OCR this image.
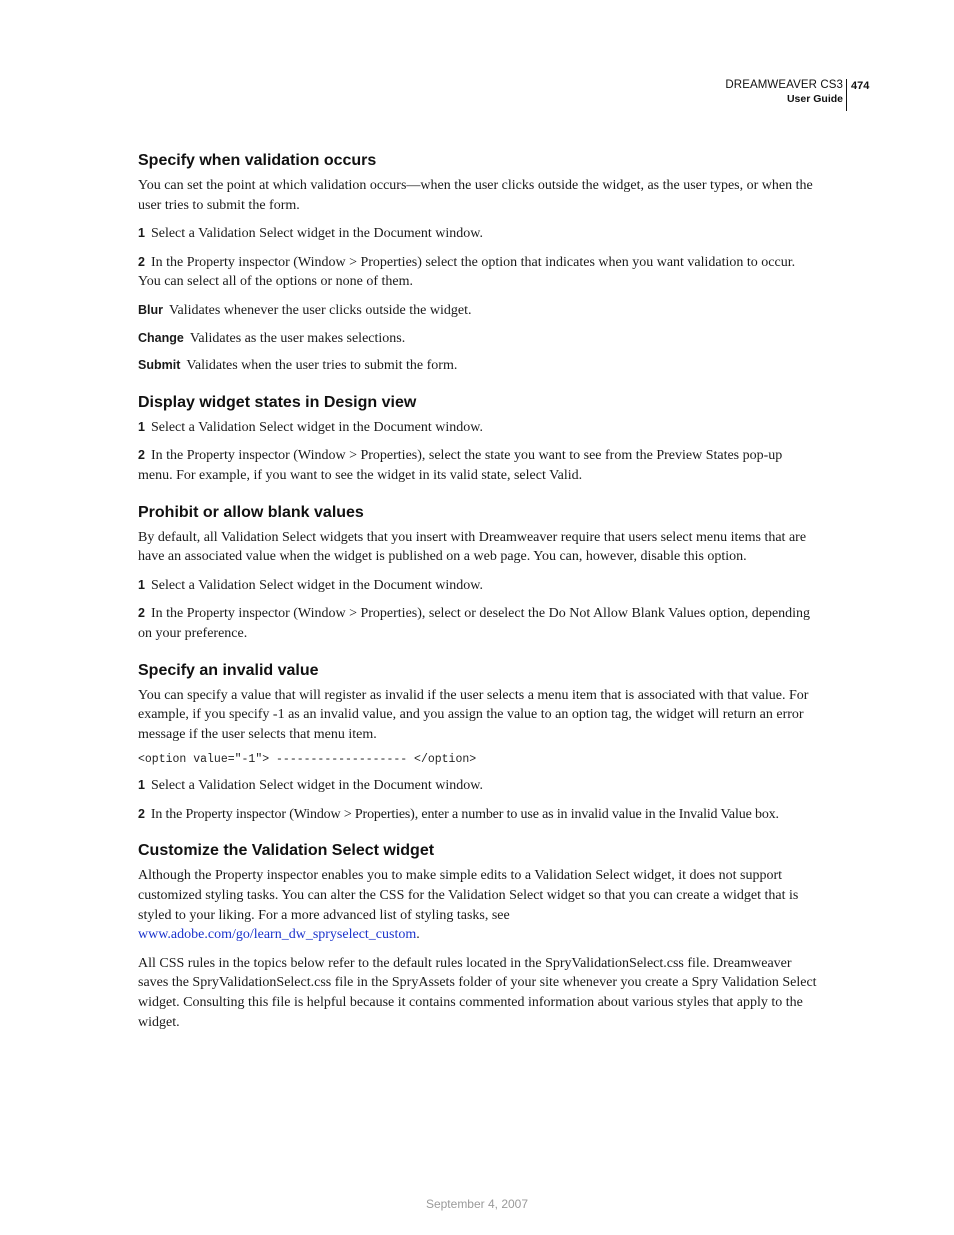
DREAMWEAVER CS3
User Guide
474
Specify when validation occurs

You can set the point at which validation occurs—when the user clicks outside the widget, as the user types, or when the user tries to submit the form.

1 Select a Validation Select widget in the Document window.

2 In the Property inspector (Window > Properties) select the option that indicates when you want validation to occur. You can select all of the options or none of them.

Blur Validates whenever the user clicks outside the widget.

Change Validates as the user makes selections.

Submit Validates when the user tries to submit the form.

Display widget states in Design view

1 Select a Validation Select widget in the Document window.

2 In the Property inspector (Window > Properties), select the state you want to see from the Preview States pop-up menu. For example, if you want to see the widget in its valid state, select Valid.

Prohibit or allow blank values

By default, all Validation Select widgets that you insert with Dreamweaver require that users select menu items that are have an associated value when the widget is published on a web page. You can, however, disable this option.

1 Select a Validation Select widget in the Document window.

2 In the Property inspector (Window > Properties), select or deselect the Do Not Allow Blank Values option, depending on your preference.

Specify an invalid value

You can specify a value that will register as invalid if the user selects a menu item that is associated with that value. For example, if you specify -1 as an invalid value, and you assign the value to an option tag, the widget will return an error message if the user selects that menu item.

<option value="-1"> ------------------- </option>

1 Select a Validation Select widget in the Document window.

2 In the Property inspector (Window > Properties), enter a number to use as in invalid value in the Invalid Value box.

Customize the Validation Select widget

Although the Property inspector enables you to make simple edits to a Validation Select widget, it does not support customized styling tasks. You can alter the CSS for the Validation Select widget so that you can create a widget that is styled to your liking. For a more advanced list of styling tasks, see
www.adobe.com/go/learn_dw_spryselect_custom.

All CSS rules in the topics below refer to the default rules located in the SpryValidationSelect.css file. Dreamweaver saves the SpryValidationSelect.css file in the SpryAssets folder of your site whenever you create a Spry Validation Select widget. Consulting this file is helpful because it contains commented information about various styles that apply to the widget.

September 4, 2007
